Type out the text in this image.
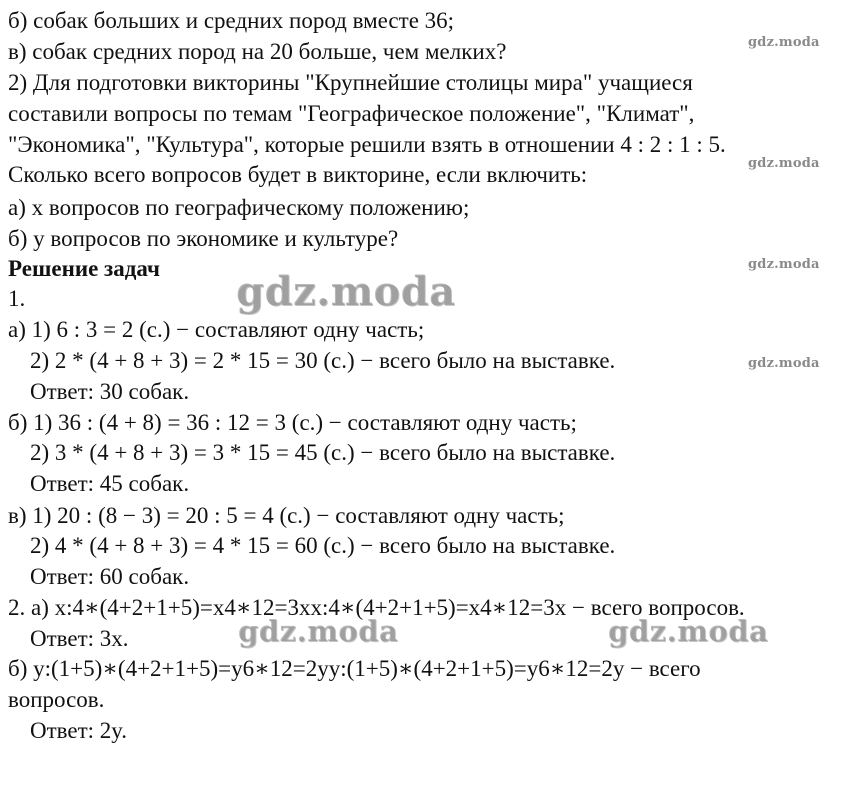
б) собак больших и средних пород вместе 36;
в) собак средних пород на 20 больше, чем мелких?
2) Для подготовки викторины "Крупнейшие столицы мира" учащиеся
составили вопросы по темам "Географическое положение", "Климат",
"Экономика", "Культура", которые решили взять в отношении 4 : 2 : 1 : 5.
Сколько всего вопросов будет в викторине, если включить:
а) x вопросов по географическому положению;
б) y вопросов по экономике и культуре?
Решение задач
1.
а) 1) 6 : 3 = 2 (с.) − составляют одну часть;
2) 2 * (4 + 8 + 3) = 2 * 15 = 30 (с.) − всего было на выставке.
Ответ: 30 собак.
б) 1) 36 : (4 + 8) = 36 : 12 = 3 (с.) − составляют одну часть;
2) 3 * (4 + 8 + 3) = 3 * 15 = 45 (с.) − всего было на выставке.
Ответ: 45 собак.
в) 1) 20 : (8 − 3) = 20 : 5 = 4 (с.) − составляют одну часть;
2) 4 * (4 + 8 + 3) = 4 * 15 = 60 (с.) − всего было на выставке.
Ответ: 60 собак.
2. а) x:4∗(4+2+1+5)=x4∗12=3xx:4∗(4+2+1+5)=x4∗12=3x − всего вопросов.
Ответ: 3x.
б) y:(1+5)∗(4+2+1+5)=y6∗12=2yy:(1+5)∗(4+2+1+5)=y6∗12=2y − всего
вопросов.
Ответ: 2y.
gdz.moda
gdz.moda
gdz.moda
gdz.moda
gdz.moda
gdz.moda	gdz.moda
